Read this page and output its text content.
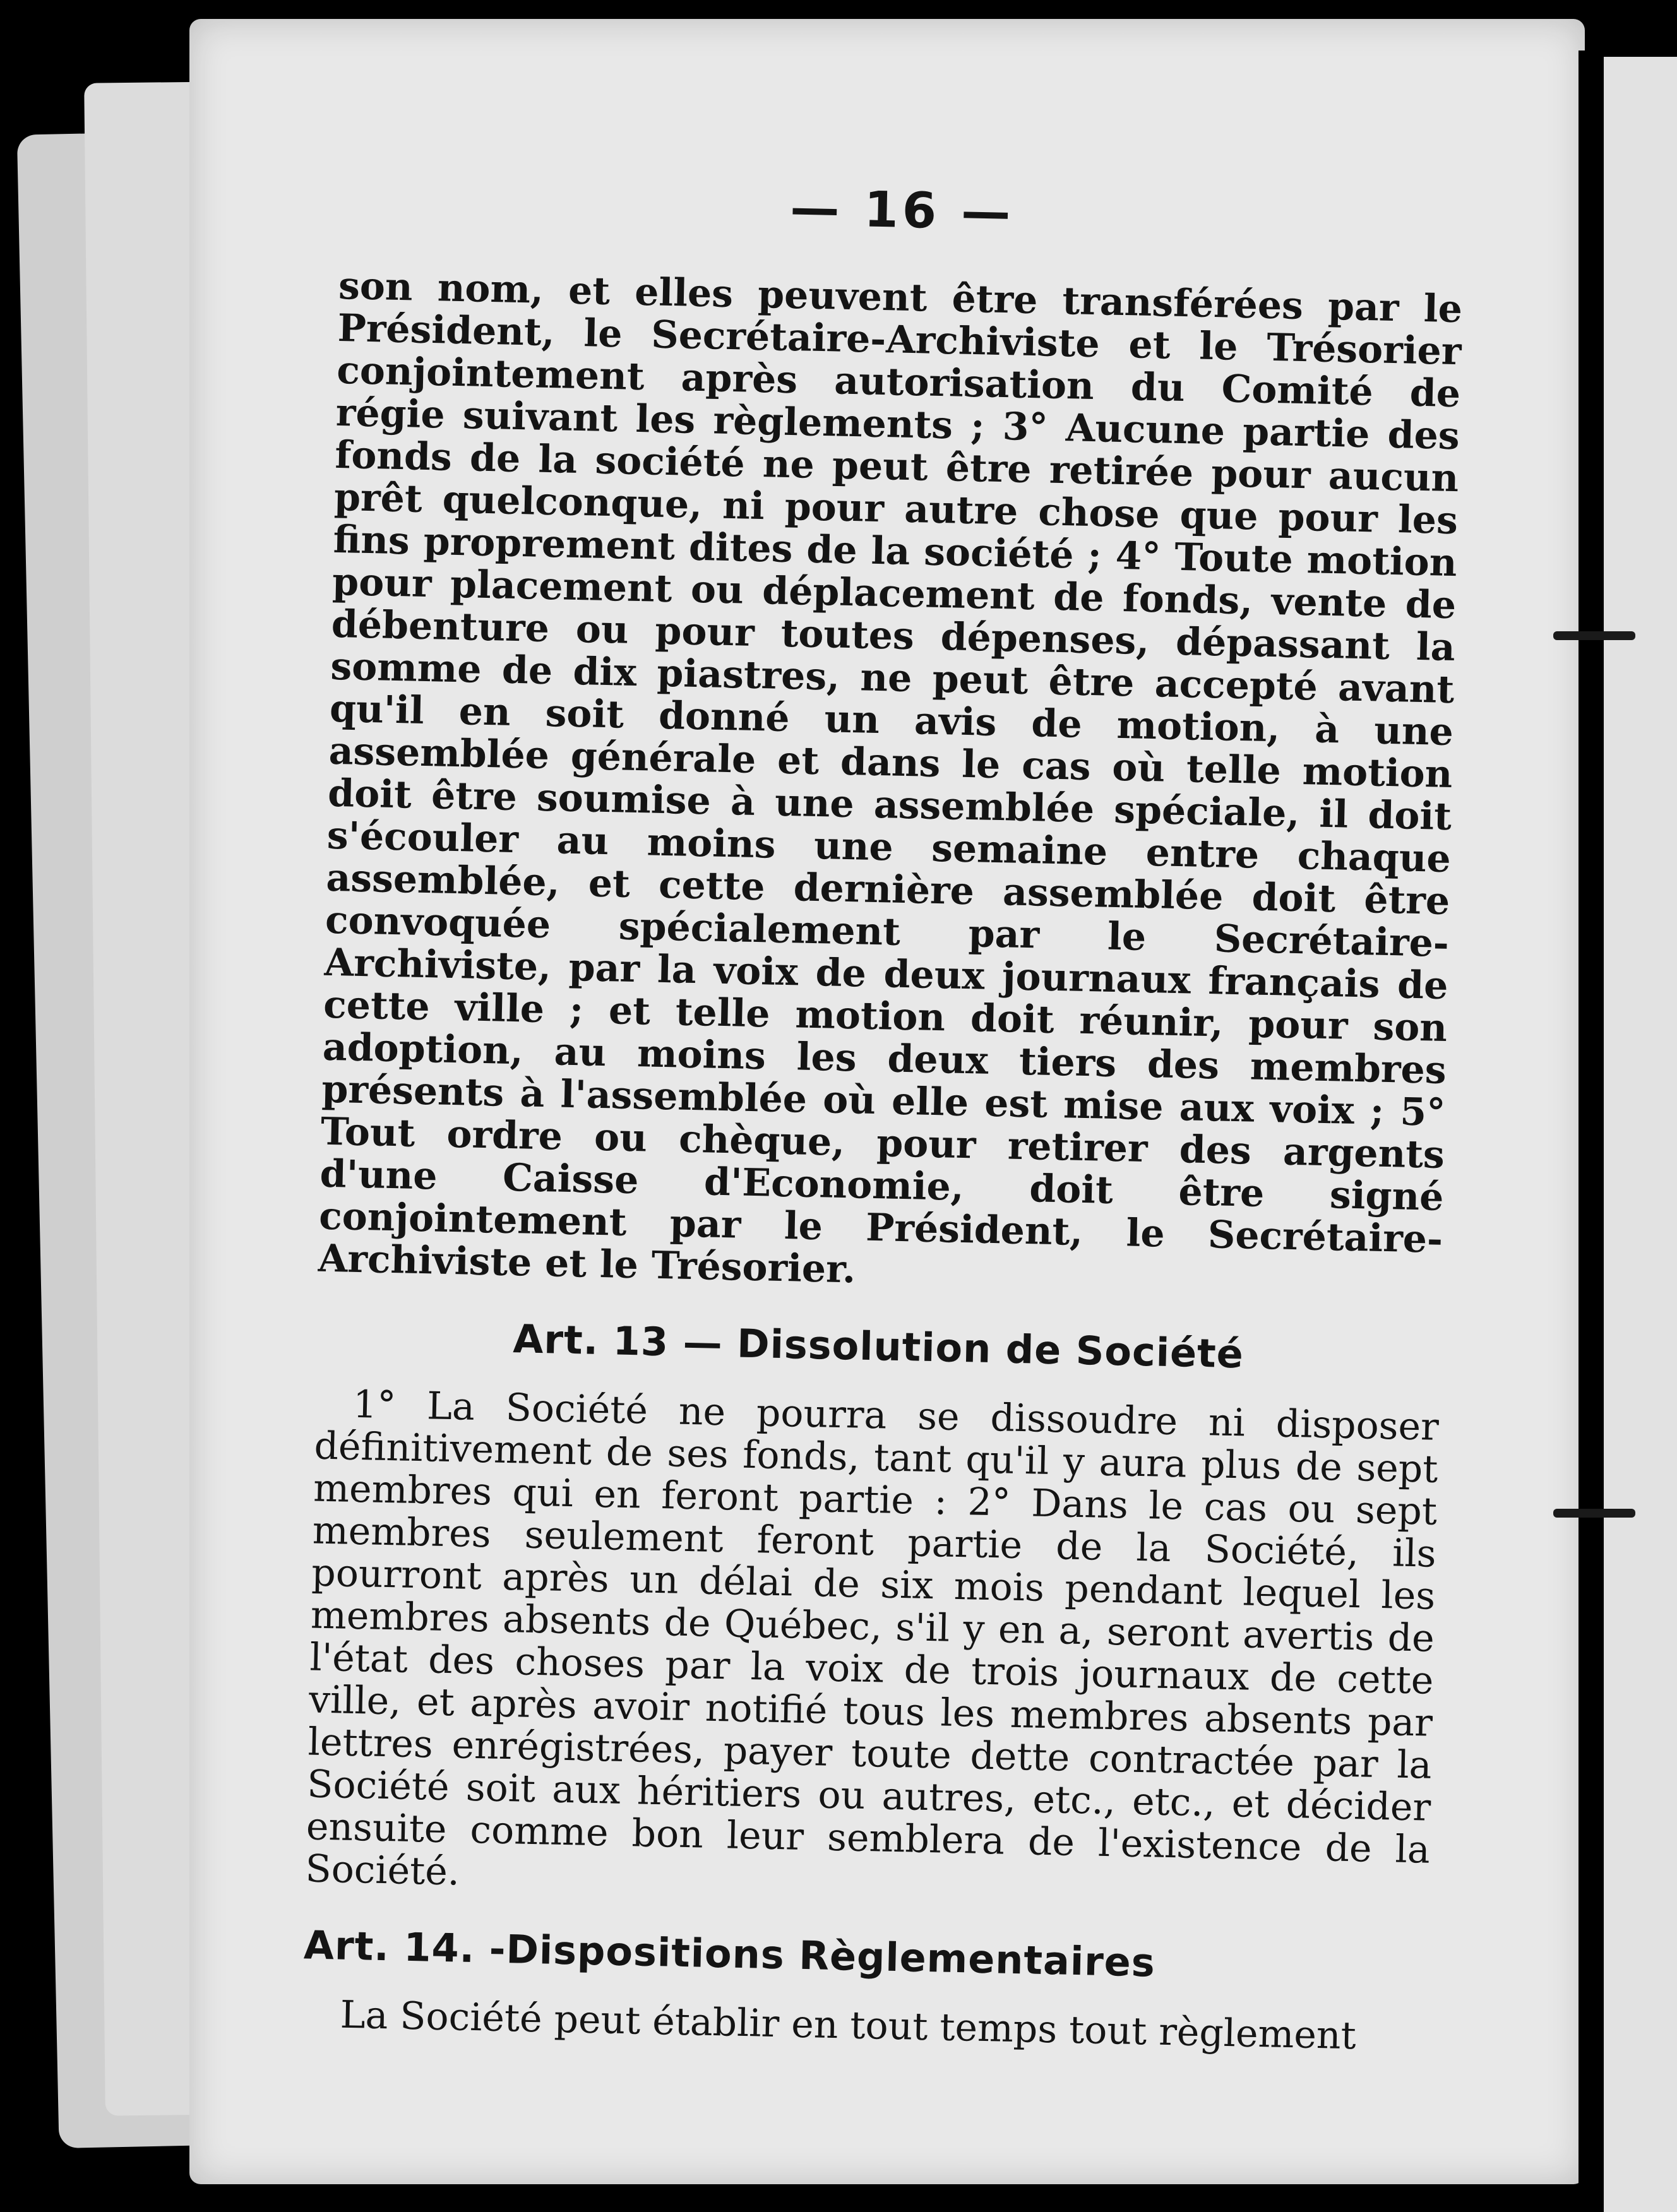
— 16 —

son nom, et elles peuvent être transférées par le Président, le Secrétaire-Archiviste et le Trésorier conjointement après autorisation du Comité de régie suivant les règlements ; 3° Aucune partie des fonds de la société ne peut être retirée pour aucun prêt quelconque, ni pour autre chose que pour les fins proprement dites de la société ; 4° Toute motion pour placement ou déplacement de fonds, vente de débenture ou pour toutes dépenses, dépassant la somme de dix piastres, ne peut être accepté avant qu'il en soit donné un avis de motion, à une assemblée générale et dans le cas où telle motion doit être soumise à une assemblée spéciale, il doit s'écouler au moins une semaine entre chaque assemblée, et cette dernière assemblée doit être convoquée spécialement par le Secrétaire-Archiviste, par la voix de deux journaux français de cette ville ; et telle motion doit réunir, pour son adoption, au moins les deux tiers des membres présents à l'assemblée où elle est mise aux voix ; 5° Tout ordre ou chèque, pour retirer des argents d'une Caisse d'Economie, doit être signé conjointement par le Président, le Secrétaire-Archiviste et le Trésorier.

Art. 13 — Dissolution de Société

1° La Société ne pourra se dissoudre ni disposer définitivement de ses fonds, tant qu'il y aura plus de sept membres qui en feront partie : 2° Dans le cas ou sept membres seulement feront partie de la Société, ils pourront après un délai de six mois pendant lequel les membres absents de Québec, s'il y en a, seront avertis de l'état des choses par la voix de trois journaux de cette ville, et après avoir notifié tous les membres absents par lettres enrégistrées, payer toute dette contractée par la Société soit aux héritiers ou autres, etc., etc., et décider ensuite comme bon leur semblera de l'existence de la Société.

Art. 14. -Dispositions Règlementaires

La Société peut établir en tout temps tout règlement
